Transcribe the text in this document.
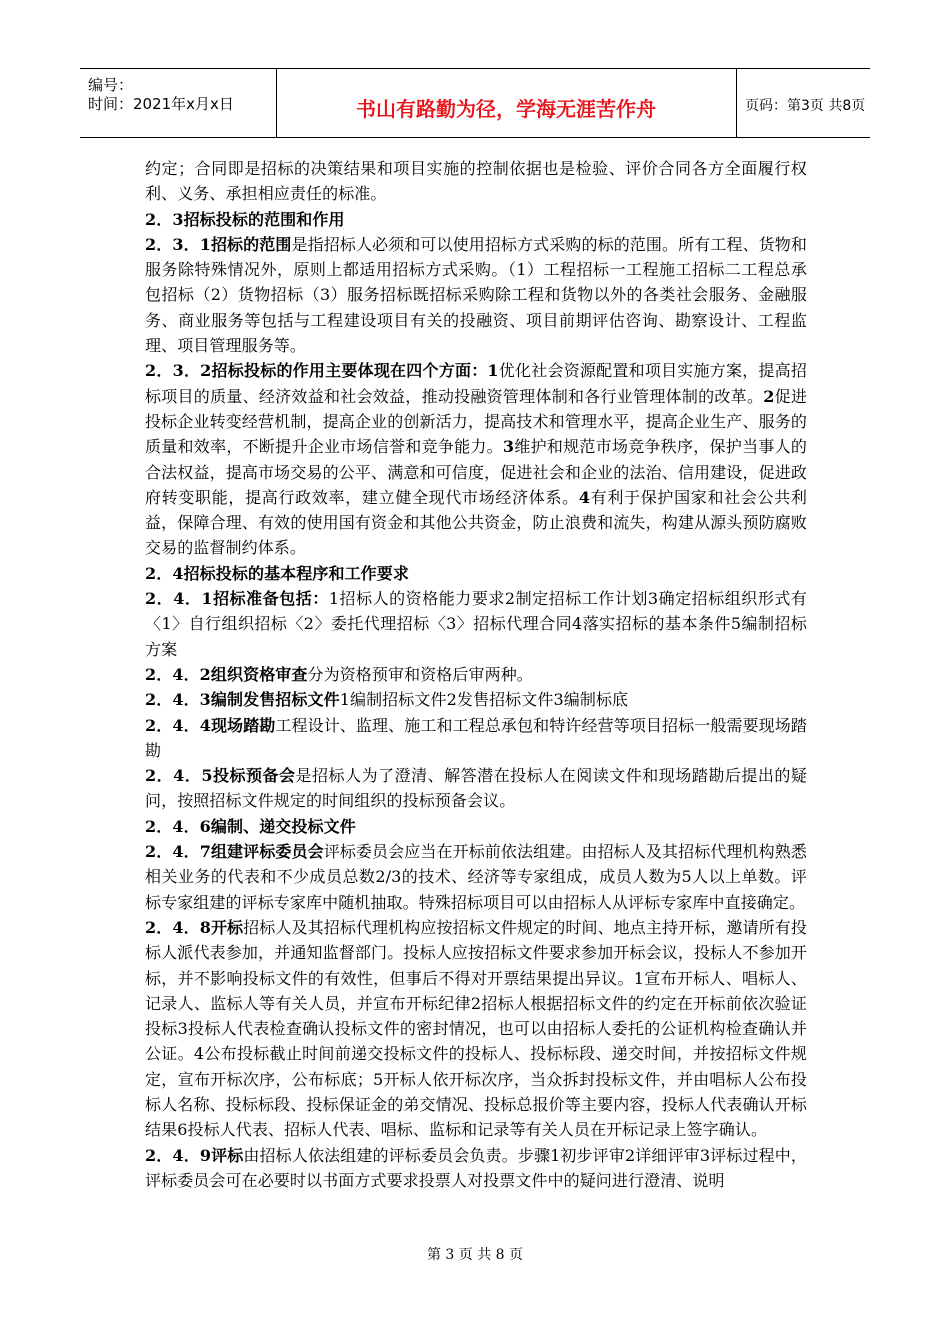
编号：
时间：2021年x月x日	书山有路勤为径，学海无涯苦作舟	页码：第3页 共8页

约定；合同即是招标的决策结果和项目实施的控制依据也是检验、评价合同各方全面履行权利、义务、承担相应责任的标准。

2．3招标投标的范围和作用

2．3．1招标的范围是指招标人必须和可以使用招标方式采购的标的范围。所有工程、货物和服务除特殊情况外，原则上都适用招标方式采购。（1）工程招标一工程施工招标二工程总承包招标（2）货物招标（3）服务招标既招标采购除工程和货物以外的各类社会服务、金融服务、商业服务等包括与工程建设项目有关的投融资、项目前期评估咨询、勘察设计、工程监理、项目管理服务等。

2．3．2招标投标的作用主要体现在四个方面：1优化社会资源配置和项目实施方案，提高招标项目的质量、经济效益和社会效益，推动投融资管理体制和各行业管理体制的改革。2促进投标企业转变经营机制，提高企业的创新活力，提高技术和管理水平，提高企业生产、服务的质量和效率，不断提升企业市场信誉和竞争能力。3维护和规范市场竞争秩序，保护当事人的合法权益，提高市场交易的公平、满意和可信度，促进社会和企业的法治、信用建设，促进政府转变职能，提高行政效率，建立健全现代市场经济体系。4有利于保护国家和社会公共利益，保障合理、有效的使用国有资金和其他公共资金，防止浪费和流失，构建从源头预防腐败交易的监督制约体系。

2．4招标投标的基本程序和工作要求

2．4．1招标准备包括：1招标人的资格能力要求2制定招标工作计划3确定招标组织形式有〈1〉自行组织招标〈2〉委托代理招标〈3〉招标代理合同4落实招标的基本条件5编制招标方案

2．4．2组织资格审查分为资格预审和资格后审两种。

2．4．3编制发售招标文件1编制招标文件2发售招标文件3编制标底

2．4．4现场踏勘工程设计、监理、施工和工程总承包和特许经营等项目招标一般需要现场踏勘

2．4．5投标预备会是招标人为了澄清、解答潜在投标人在阅读文件和现场踏勘后提出的疑问，按照招标文件规定的时间组织的投标预备会议。

2．4．6编制、递交投标文件

2．4．7组建评标委员会评标委员会应当在开标前依法组建。由招标人及其招标代理机构熟悉相关业务的代表和不少成员总数2/3的技术、经济等专家组成，成员人数为5人以上单数。评标专家组建的评标专家库中随机抽取。特殊招标项目可以由招标人从评标专家库中直接确定。

2．4．8开标招标人及其招标代理机构应按招标文件规定的时间、地点主持开标，邀请所有投标人派代表参加，并通知监督部门。投标人应按招标文件要求参加开标会议，投标人不参加开标，并不影响投标文件的有效性，但事后不得对开票结果提出异议。1宣布开标人、唱标人、记录人、监标人等有关人员，并宣布开标纪律2招标人根据招标文件的约定在开标前依次验证投标3投标人代表检查确认投标文件的密封情况，也可以由招标人委托的公证机构检查确认并公证。4公布投标截止时间前递交投标文件的投标人、投标标段、递交时间，并按招标文件规定，宣布开标次序，公布标底；5开标人依开标次序，当众拆封投标文件，并由唱标人公布投标人名称、投标标段、投标保证金的弟交情况、投标总报价等主要内容，投标人代表确认开标结果6投标人代表、招标人代表、唱标、监标和记录等有关人员在开标记录上签字确认。

2．4．9评标由招标人依法组建的评标委员会负责。步骤1初步评审2详细评审3评标过程中，评标委员会可在必要时以书面方式要求投票人对投票文件中的疑问进行澄清、说明

第 3 页 共 8 页
